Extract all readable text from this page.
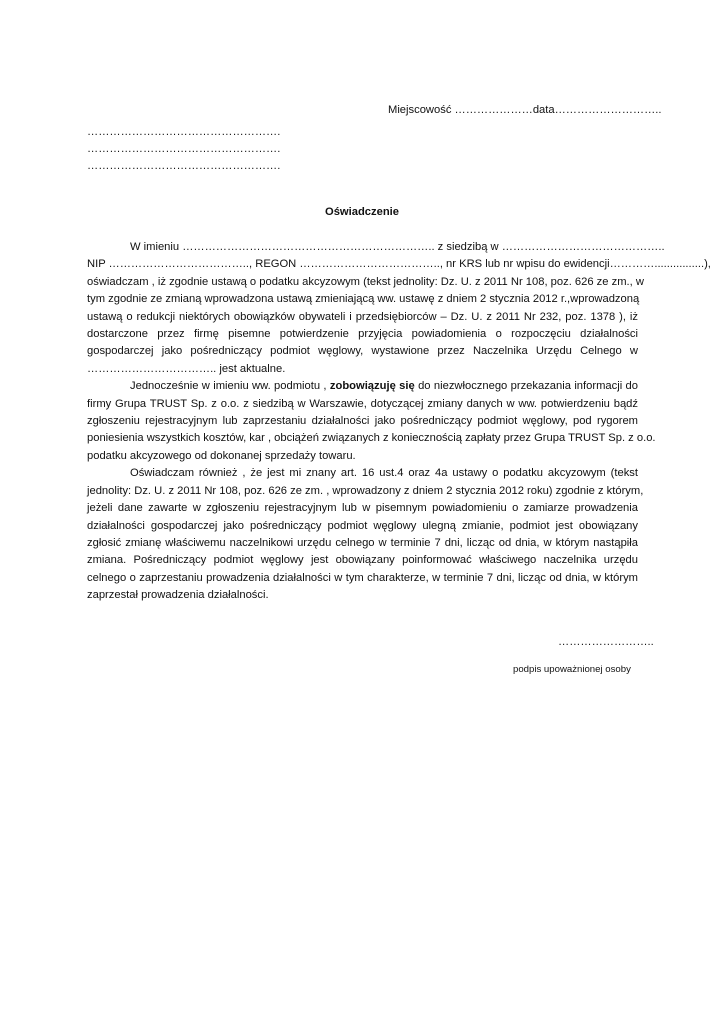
Miejscowość …………………data………………………..
…………………………………………….
…………………………………………….
…………………………………………….
Oświadczenie

W imieniu ………………………………………………………….. z siedzibą w ……………………………………..
NIP ……………………………….., REGON ……………………………….., nr KRS lub nr wpisu do ewidencji…………................),
oświadczam , iż zgodnie ustawą o podatku akcyzowym (tekst jednolity: Dz. U. z 2011 Nr 108, poz. 626 ze zm., w
tym zgodnie ze zmianą wprowadzona ustawą zmieniającą ww. ustawę z dniem 2 stycznia 2012 r.,wprowadzoną
ustawą o redukcji niektórych obowiązków obywateli i przedsiębiorców – Dz. U. z 2011 Nr 232, poz. 1378 ), iż
dostarczone przez firmę pisemne potwierdzenie przyjęcia powiadomienia o rozpoczęciu działalności
gospodarczej jako pośredniczący podmiot węglowy, wystawione przez Naczelnika Urzędu Celnego w
…………………………….. jest aktualne.

Jednocześnie w imieniu ww. podmiotu , zobowiązuję się do niezwłocznego przekazania informacji do
firmy Grupa TRUST Sp. z o.o. z siedzibą w Warszawie, dotyczącej zmiany danych w ww. potwierdzeniu bądź
zgłoszeniu rejestracyjnym lub zaprzestaniu działalności jako pośredniczący podmiot węglowy, pod rygorem
poniesienia wszystkich kosztów, kar , obciążeń związanych z koniecznością zapłaty przez Grupa TRUST Sp. z o.o.
podatku akcyzowego od dokonanej sprzedaży towaru.

Oświadczam również , że jest mi znany art. 16 ust.4 oraz 4a ustawy o podatku akcyzowym (tekst
jednolity: Dz. U. z 2011 Nr 108, poz. 626 ze zm. , wprowadzony z dniem 2 stycznia 2012 roku) zgodnie z którym,
jeżeli dane zawarte w zgłoszeniu rejestracyjnym lub w pisemnym powiadomieniu o zamiarze prowadzenia
działalności gospodarczej jako pośredniczący podmiot węglowy ulegną zmianie, podmiot jest obowiązany
zgłosić zmianę właściwemu naczelnikowi urzędu celnego w terminie 7 dni, licząc od dnia, w którym nastąpiła
zmiana. Pośredniczący podmiot węglowy jest obowiązany poinformować właściwego naczelnika urzędu
celnego o zaprzestaniu prowadzenia działalności w tym charakterze, w terminie 7 dni, licząc od dnia, w którym
zaprzestał prowadzenia działalności.

……………………..
podpis upoważnionej osoby
